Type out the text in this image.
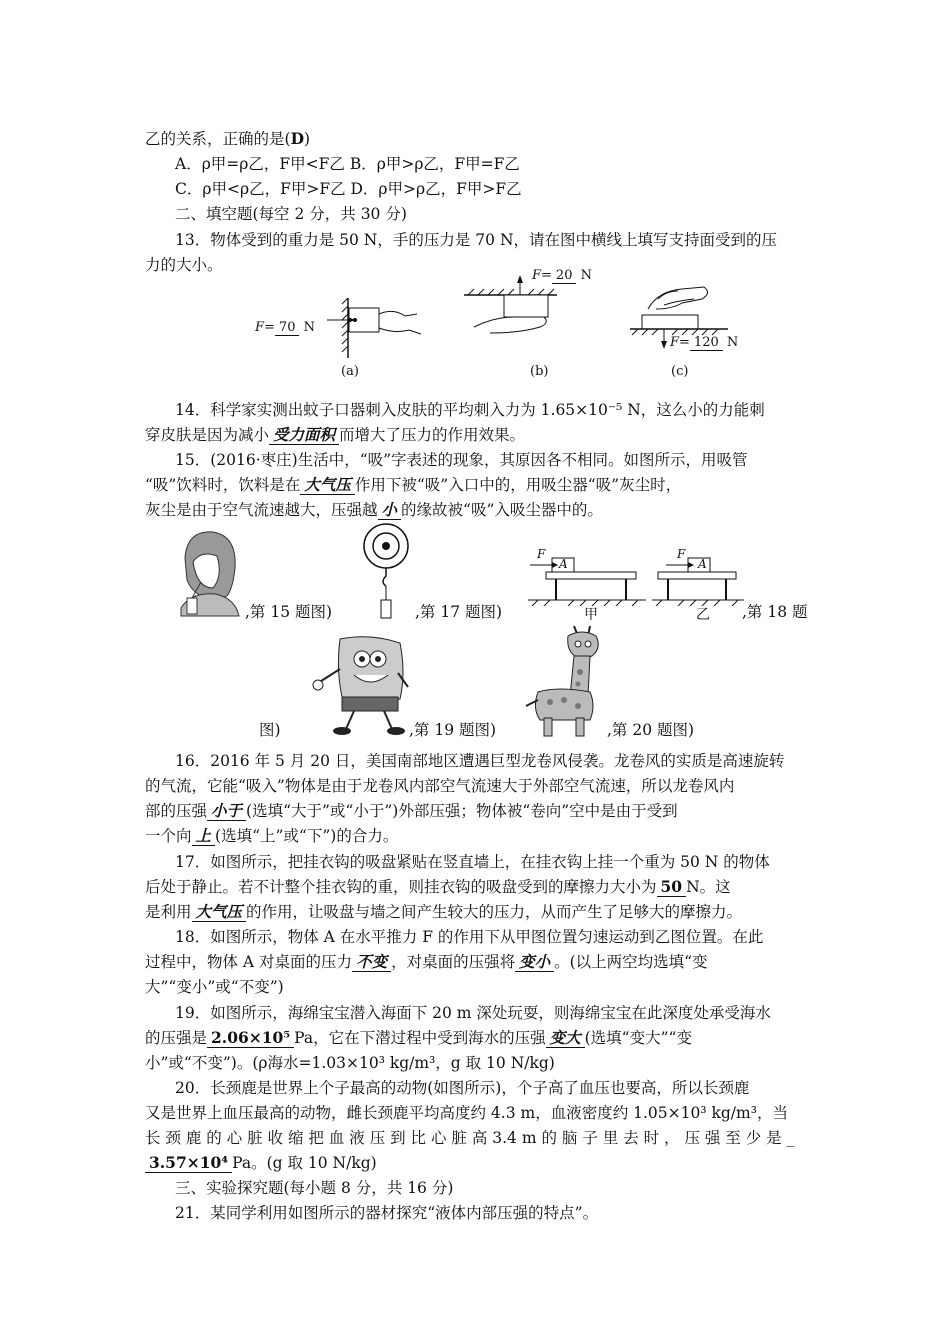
乙的关系，正确的是(D)
A．ρ甲=ρ乙，F甲<F乙 B．ρ甲>ρ乙，F甲=F乙
C．ρ甲<ρ乙，F甲>F乙 D．ρ甲>ρ乙，F甲>F乙
二、填空题(每空 2 分，共 30 分)
13．物体受到的重力是 50 N，手的压力是 70 N，请在图中横线上填写支持面受到的压
力的大小。
F= 70 N
F= 20 N
F= 120 N
(a)	(b)	(c)
14．科学家实测出蚊子口器刺入皮肤的平均刺入力为 1.65×10⁻⁵ N，这么小的力能刺
穿皮肤是因为减小 受力面积 而增大了压力的作用效果。
15．(2016·枣庄)生活中，“吸”字表述的现象，其原因各不相同。如图所示，用吸管
“吸”饮料时，饮料是在 大气压 作用下被“吸”入口中的，用吸尘器“吸”灰尘时，
灰尘是由于空气流速越大，压强越 小 的缘故被“吸”入吸尘器中的。
,第 15 题图)	,第 17 题图)
F
A
甲
F
A
乙 ,第 18 题
图)	,第 19 题图)	,第 20 题图)
16．2016 年 5 月 20 日，美国南部地区遭遇巨型龙卷风侵袭。龙卷风的实质是高速旋转
的气流，它能“吸入”物体是由于龙卷风内部空气流速大于外部空气流速，所以龙卷风内
部的压强 小于 (选填“大于”或“小于”)外部压强；物体被“卷向”空中是由于受到
一个向 上 (选填“上”或“下”)的合力。
17．如图所示，把挂衣钩的吸盘紧贴在竖直墙上，在挂衣钩上挂一个重为 50 N 的物体
后处于静止。若不计整个挂衣钩的重，则挂衣钩的吸盘受到的摩擦力大小为 50 N。这
是利用 大气压 的作用，让吸盘与墙之间产生较大的压力，从而产生了足够大的摩擦力。
18．如图所示，物体 A 在水平推力 F 的作用下从甲图位置匀速运动到乙图位置。在此
过程中，物体 A 对桌面的压力 不变 ，对桌面的压强将 变小 。(以上两空均选填“变
大”“变小”或“不变”)
19．如图所示，海绵宝宝潜入海面下 20 m 深处玩耍，则海绵宝宝在此深度处承受海水
的压强是 2.06×10⁵ Pa，它在下潜过程中受到海水的压强 变大 (选填“变大”“变
小”或“不变”)。(ρ海水=1.03×10³ kg/m³，g 取 10 N/kg)
20．长颈鹿是世界上个子最高的动物(如图所示)，个子高了血压也要高，所以长颈鹿
又是世界上血压最高的动物，雌长颈鹿平均高度约 4.3 m，血液密度约 1.05×10³ kg/m³，当
长 颈 鹿 的 心 脏 收 缩 把 血 液 压 到 比 心 脏 高 3.4 m 的 脑 子 里 去 时 ， 压 强 至 少 是 _
3.57×10⁴ Pa。(g 取 10 N/kg)
三、实验探究题(每小题 8 分，共 16 分)
21．某同学利用如图所示的器材探究“液体内部压强的特点”。
